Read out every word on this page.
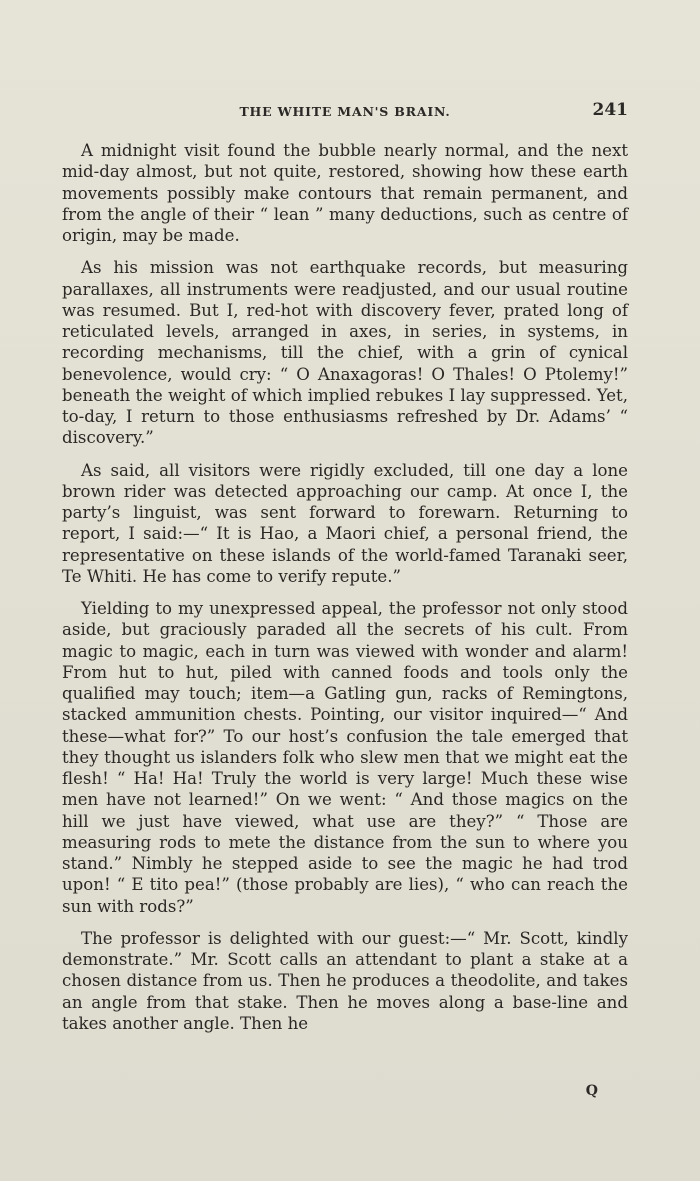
THE WHITE MAN'S BRAIN.	241

A midnight visit found the bubble nearly normal, and the next mid-day almost, but not quite, restored, showing how these earth movements possibly make contours that remain permanent, and from the angle of their “ lean ” many deductions, such as centre of origin, may be made.

As his mission was not earthquake records, but measuring parallaxes, all instruments were readjusted, and our usual routine was resumed. But I, red-hot with discovery fever, prated long of reticulated levels, arranged in axes, in series, in systems, in recording mechanisms, till the chief, with a grin of cynical benevolence, would cry: “ O Anaxagoras! O Thales! O Ptolemy!” beneath the weight of which implied rebukes I lay suppressed. Yet, to-day, I return to those enthusiasms refreshed by Dr. Adams’ “ discovery.”

As said, all visitors were rigidly excluded, till one day a lone brown rider was detected approaching our camp. At once I, the party’s linguist, was sent forward to forewarn. Returning to report, I said:—“ It is Hao, a Maori chief, a personal friend, the representative on these islands of the world-famed Taranaki seer, Te Whiti. He has come to verify repute.”

Yielding to my unexpressed appeal, the professor not only stood aside, but graciously paraded all the secrets of his cult. From magic to magic, each in turn was viewed with wonder and alarm! From hut to hut, piled with canned foods and tools only the qualified may touch; item—a Gatling gun, racks of Remingtons, stacked ammunition chests. Pointing, our visitor inquired—“ And these—what for?” To our host’s confusion the tale emerged that they thought us islanders folk who slew men that we might eat the flesh! “ Ha! Ha! Truly the world is very large! Much these wise men have not learned!” On we went: “ And those magics on the hill we just have viewed, what use are they?” “ Those are measuring rods to mete the distance from the sun to where you stand.” Nimbly he stepped aside to see the magic he had trod upon! “ E tito pea!” (those probably are lies), “ who can reach the sun with rods?”

The professor is delighted with our guest:—“ Mr. Scott, kindly demonstrate.” Mr. Scott calls an attendant to plant a stake at a chosen distance from us. Then he produces a theodolite, and takes an angle from that stake. Then he moves along a base-line and takes another angle. Then he

Q
